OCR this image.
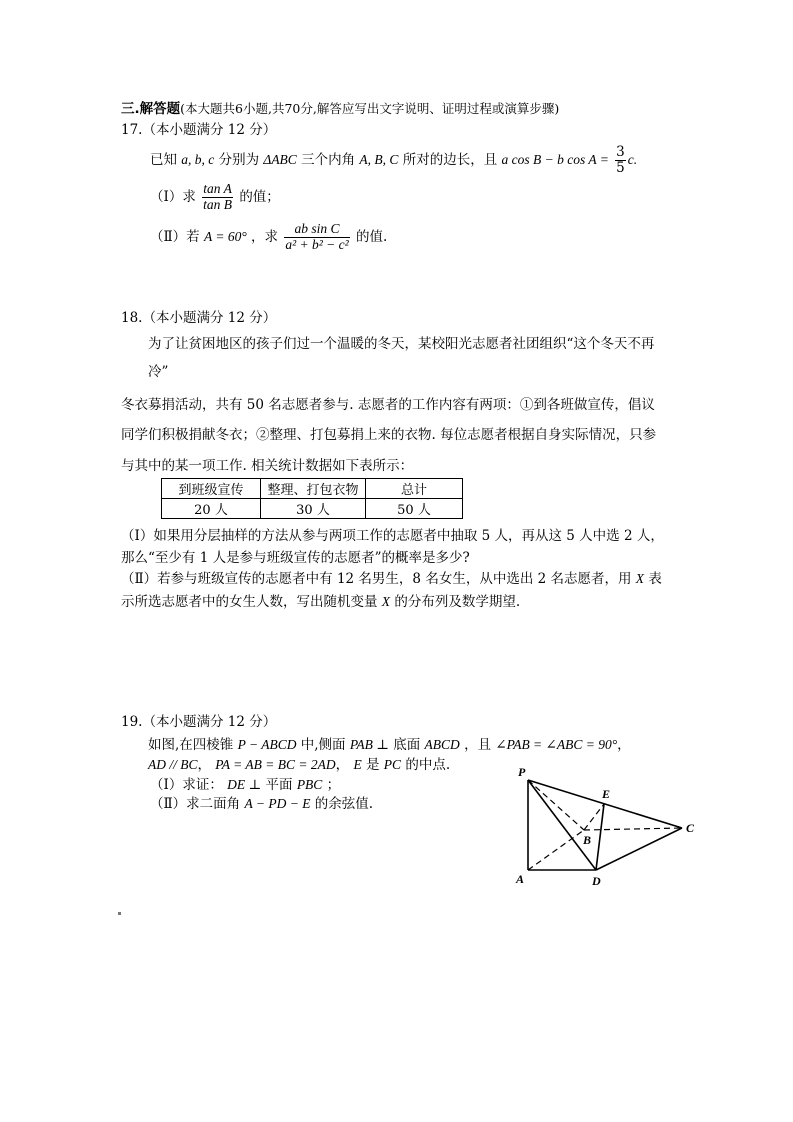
三.解答题(本大题共6小题,共70分,解答应写出文字说明、证明过程或演算步骤)
17.（本小题满分 12 分）
已知 a, b, c 分别为 ΔABC 三个内角 A, B, C 所对的边长，且 a cos B − b $\cos A = \frac{3}{5} c$.
（Ⅰ）求 $\frac{\text{tan A}}{\text{tan B}}$ 的值；
（Ⅱ）若 A = 60° ，求 $\frac{\text{ab sin C}}{\text{a² + b² − c²}}$ 的值.
18.（本小题满分 12 分）
为了让贫困地区的孩子们过一个温暖的冬天，某校阳光志愿者社团组织“这个冬天不再
冷”
冬衣募捐活动，共有 50 名志愿者参与. 志愿者的工作内容有两项：①到各班做宣传，倡议
同学们积极捐献冬衣；②整理、打包募捐上来的衣物. 每位志愿者根据自身实际情况，只参
与其中的某一项工作. 相关统计数据如下表所示：
到班级宣传	整理、打包衣物	总计
20 人	30 人	50 人
（Ⅰ）如果用分层抽样的方法从参与两项工作的志愿者中抽取 5 人，再从这 5 人中选 2 人，
那么“至少有 1 人是参与班级宣传的志愿者”的概率是多少?
（Ⅱ）若参与班级宣传的志愿者中有 12 名男生，8 名女生，从中选出 2 名志愿者，用 X 表
示所选志愿者中的女生人数，写出随机变量 X 的分布列及数学期望.
19.（本小题满分 12 分）
如图,在四棱锥 P − ABCD 中,侧面 PAB ⊥ 底面 ABCD ，且 ∠PAB = ∠ABC = 90°，
AD // BC， PA = AB = BC = 2AD， E 是 PC 的中点.
（Ⅰ）求证： DE ⊥ 平面 PBC ；
（Ⅱ）求二面角 A − PD − E 的余弦值.
P
E
C
B
A	D
